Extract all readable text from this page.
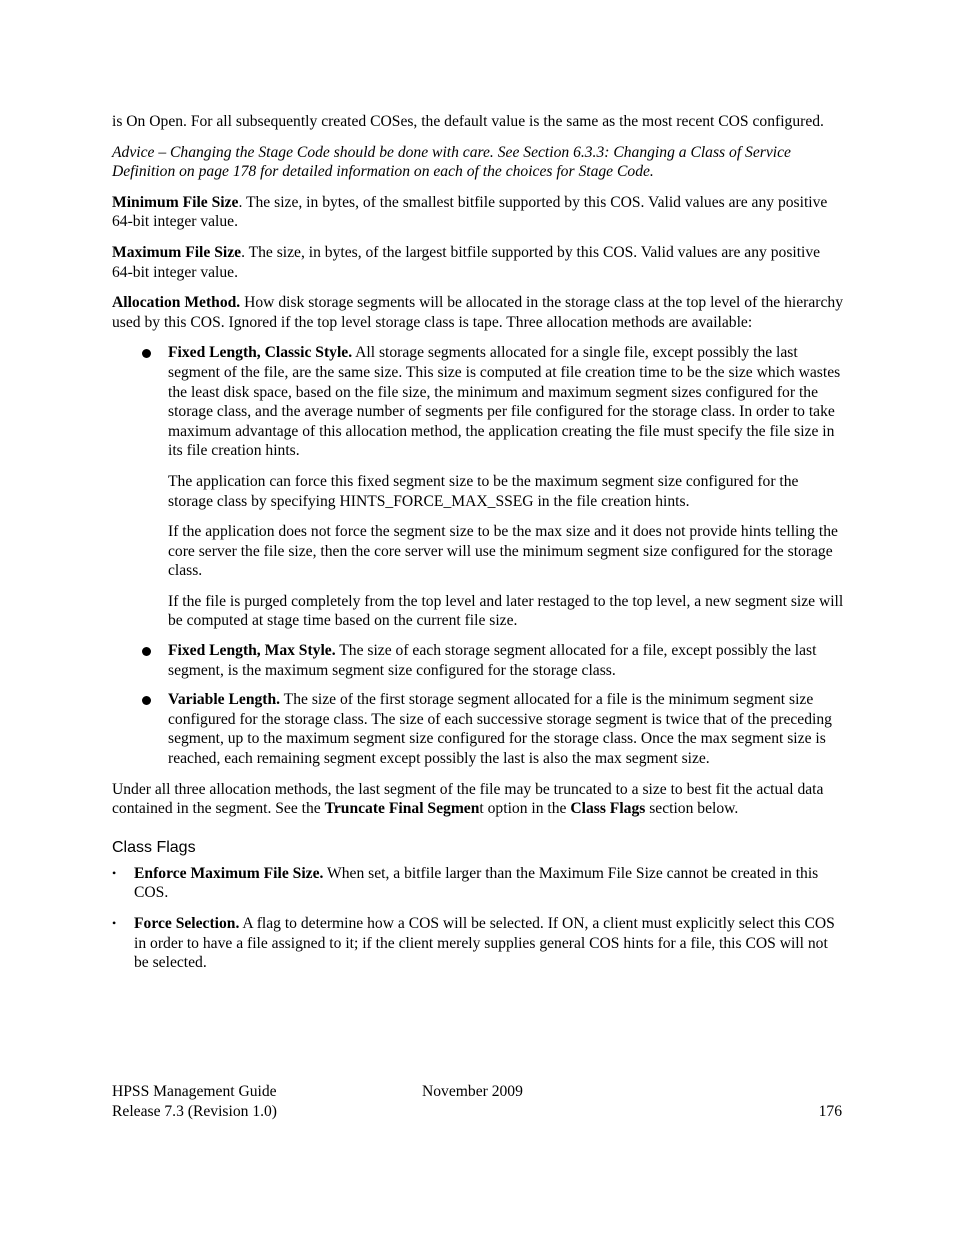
is On Open. For all subsequently created COSes, the default value is the same as the most recent COS configured.

Advice – Changing the Stage Code should be done with care. See Section 6.3.3: Changing a Class of Service Definition on page 178 for detailed information on each of the choices for Stage Code.

Minimum File Size. The size, in bytes, of the smallest bitfile supported by this COS. Valid values are any positive 64-bit integer value.

Maximum File Size. The size, in bytes, of the largest bitfile supported by this COS. Valid values are any positive 64-bit integer value.

Allocation Method. How disk storage segments will be allocated in the storage class at the top level of the hierarchy used by this COS. Ignored if the top level storage class is tape. Three allocation methods are available:

Fixed Length, Classic Style. All storage segments allocated for a single file, except possibly the last segment of the file, are the same size. This size is computed at file creation time to be the size which wastes the least disk space, based on the file size, the minimum and maximum segment sizes configured for the storage class, and the average number of segments per file configured for the storage class. In order to take maximum advantage of this allocation method, the application creating the file must specify the file size in its file creation hints.

The application can force this fixed segment size to be the maximum segment size configured for the storage class by specifying HINTS_FORCE_MAX_SSEG in the file creation hints.

If the application does not force the segment size to be the max size and it does not provide hints telling the core server the file size, then the core server will use the minimum segment size configured for the storage class.

If the file is purged completely from the top level and later restaged to the top level, a new segment size will be computed at stage time based on the current file size.

Fixed Length, Max Style. The size of each storage segment allocated for a file, except possibly the last segment, is the maximum segment size configured for the storage class.

Variable Length. The size of the first storage segment allocated for a file is the minimum segment size configured for the storage class. The size of each successive storage segment is twice that of the preceding segment, up to the maximum segment size configured for the storage class. Once the max segment size is reached, each remaining segment except possibly the last is also the max segment size.

Under all three allocation methods, the last segment of the file may be truncated to a size to best fit the actual data contained in the segment. See the Truncate Final Segment option in the Class Flags section below.

Class Flags
• Enforce Maximum File Size. When set, a bitfile larger than the Maximum File Size cannot be created in this COS.
• Force Selection. A flag to determine how a COS will be selected. If ON, a client must explicitly select this COS in order to have a file assigned to it; if the client merely supplies general COS hints for a file, this COS will not be selected.
HPSS Management Guide	November 2009
Release 7.3 (Revision 1.0)	176
